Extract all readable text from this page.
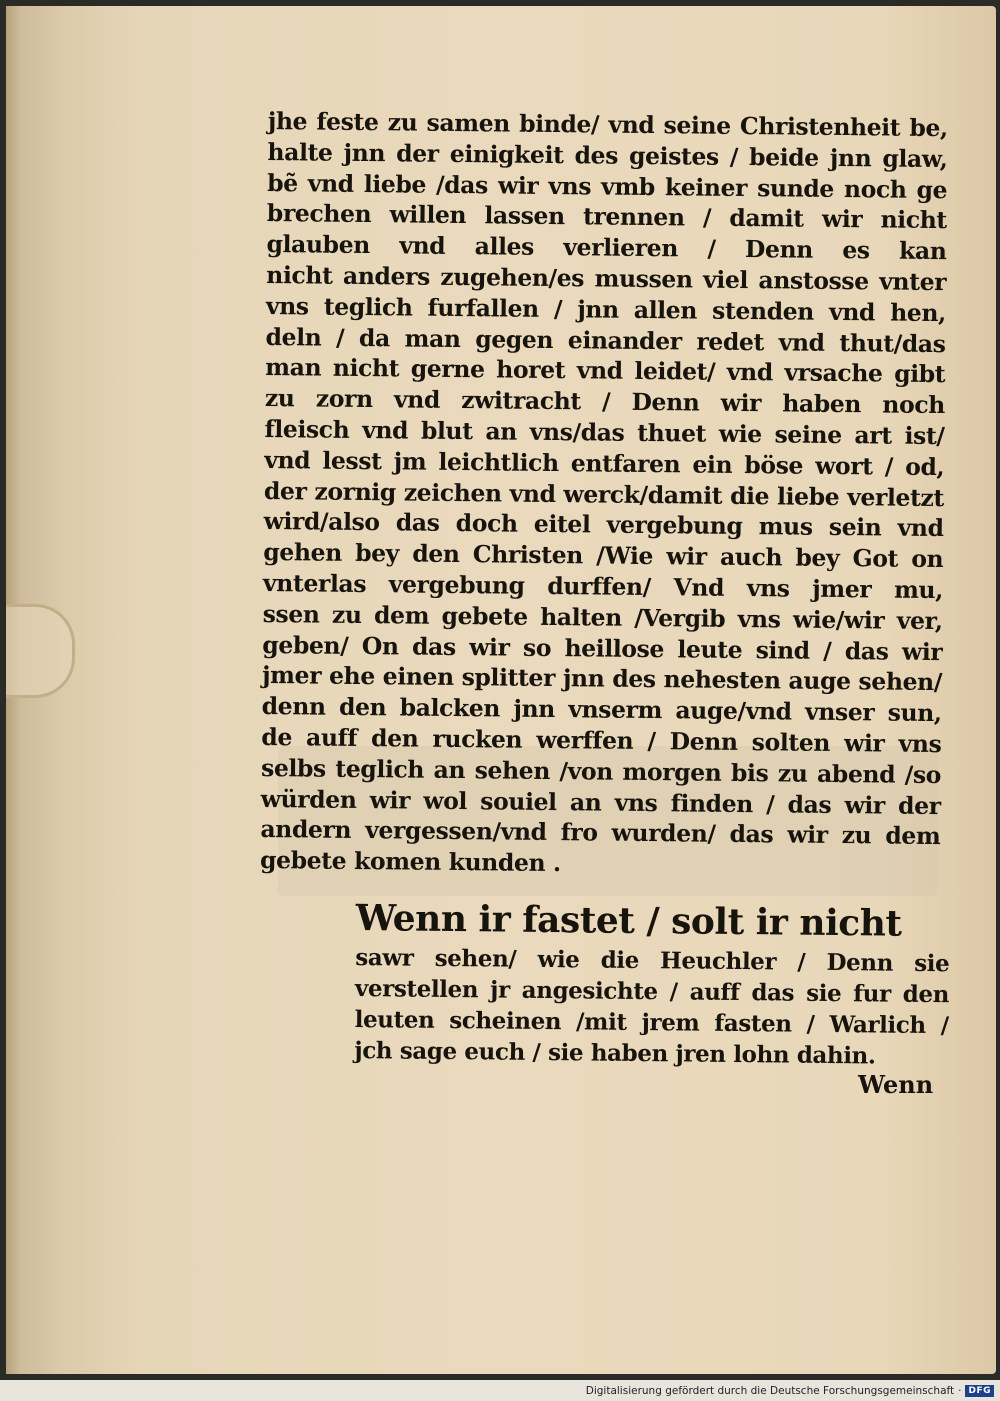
jhe feste zu samen binde/ vnd seine Christenheit be,
halte jnn der einigkeit des geistes / beide jnn glaw,
bẽ vnd liebe /das wir vns vmb keiner sunde noch ge
brechen willen lassen trennen / damit wir nicht
glauben vnd alles verlieren / Denn es kan
nicht anders zugehen/es mussen viel anstosse vnter
vns teglich furfallen / jnn allen stenden vnd hen,
deln / da man gegen einander redet vnd thut/das
man nicht gerne horet vnd leidet/ vnd vrsache gibt
zu zorn vnd zwitracht / Denn wir haben noch
fleisch vnd blut an vns/das thuet wie seine art ist/
vnd lesst jm leichtlich entfaren ein böse wort / od,
der zornig zeichen vnd werck/damit die liebe verletzt
wird/also das doch eitel vergebung mus sein vnd
gehen bey den Christen /Wie wir auch bey Got on
vnterlas vergebung durffen/ Vnd vns jmer mu,
ssen zu dem gebete halten /Vergib vns wie/wir ver,
geben/ On das wir so heillose leute sind / das wir
jmer ehe einen splitter jnn des nehesten auge sehen/
denn den balcken jnn vnserm auge/vnd vnser sun,
de auff den rucken werffen / Denn solten wir vns
selbs teglich an sehen /von morgen bis zu abend /so
würden wir wol souiel an vns finden / das wir der
andern vergessen/vnd fro wurden/ das wir zu dem
gebete komen kunden .
Wenn ir fastet / solt ir nicht
sawr sehen/ wie die Heuchler / Denn sie
verstellen jr angesichte / auff das sie fur den
leuten scheinen /mit jrem fasten / Warlich /
jch sage euch / sie haben jren lohn dahin.
Wenn
Digitalisierung gefördert durch die Deutsche Forschungsgemeinschaft · DFG
